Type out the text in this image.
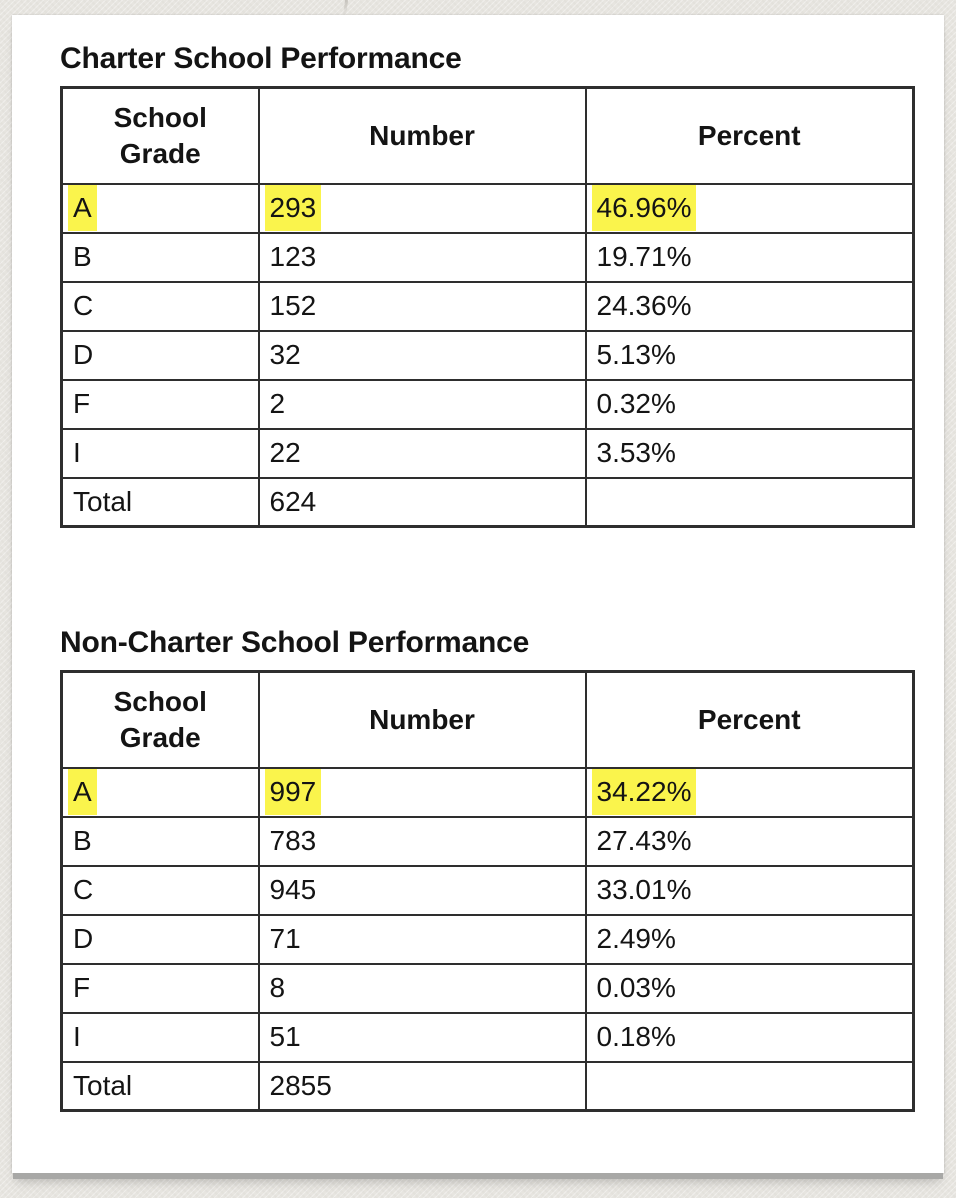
Charter School Performance
School Grade	Number	Percent
A	293	46.96%
B	123	19.71%
C	152	24.36%
D	32	5.13%
F	2	0.32%
I	22	3.53%
Total	624	
Non-Charter School Performance
School Grade	Number	Percent
A	997	34.22%
B	783	27.43%
C	945	33.01%
D	71	2.49%
F	8	0.03%
I	51	0.18%
Total	2855	
